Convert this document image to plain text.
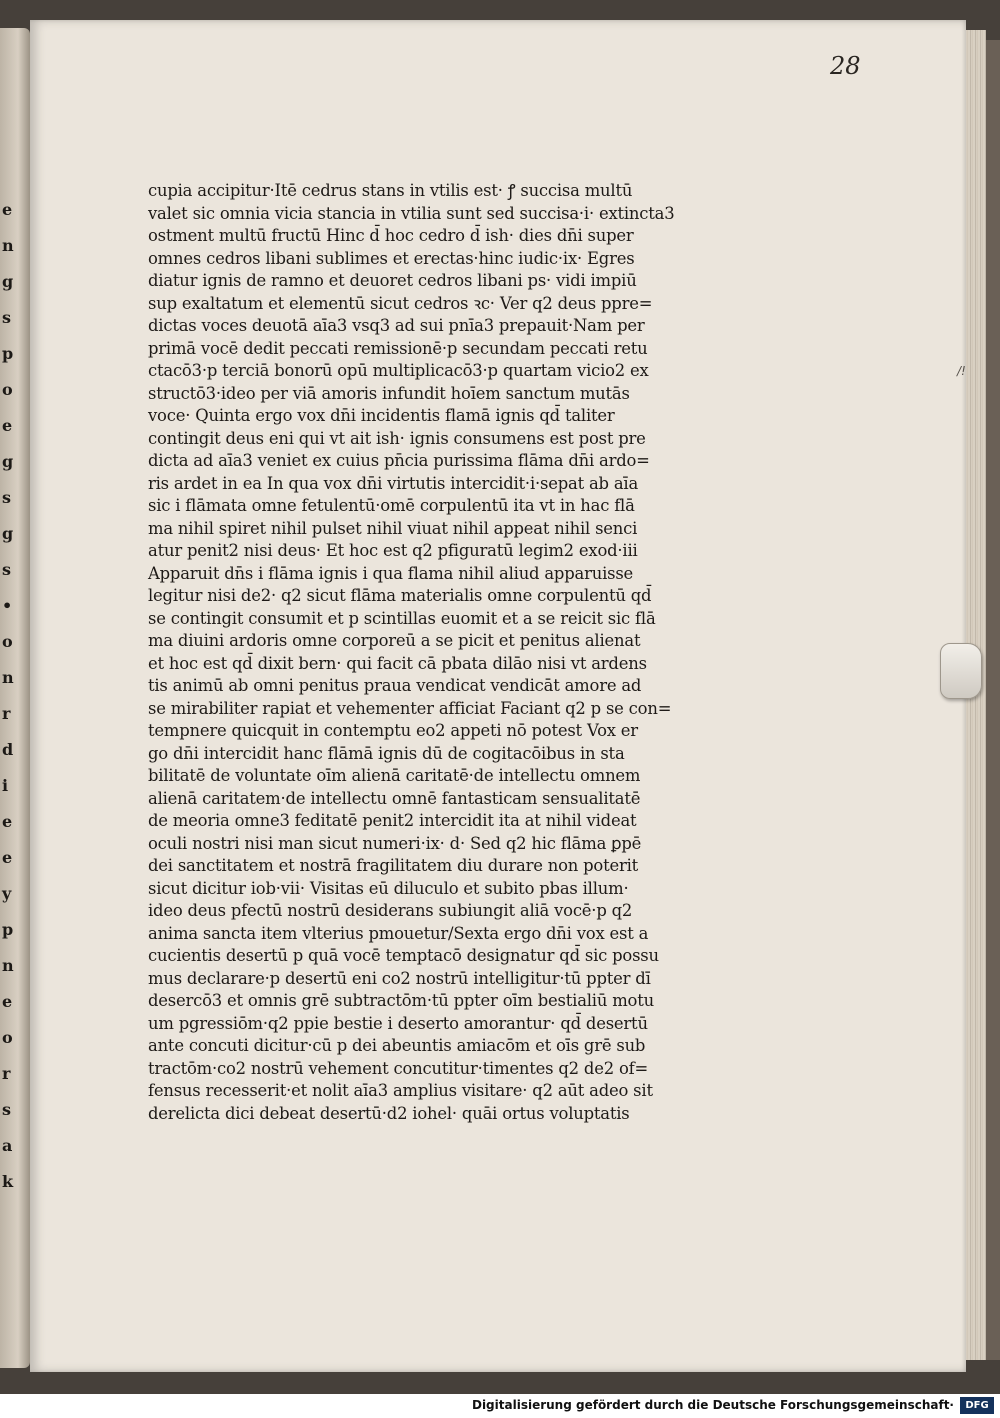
e
n
g
s
p
o
e
g
s
g
s
•
o
n
r
d
i
e
e
y
p
n
e
o
r
s
a
k
28
cupia accipitur·Itē cedrus stans in vtilis est· ꝭ succisa multū
valet sic omnia vicia stancia in vtilia sunt sed succisa·i· extincta3
ostment multū fructū Hinc d̄ hoc cedro d̄ ish· dies dn̄i super
omnes cedros libani sublimes et erectas·hinc iudic·ix· Egres
diatur ignis de ramno et deuoret cedros libani ps· vidi impiū
sup exaltatum et elementū sicut cedros ꝛc· Ver q2 deus ppre=
dictas voces deuotā aīa3 vsq3 ad sui pnīa3 prepauit·Nam per
primā vocē dedit peccati remissionē·p secundam peccati retu
ctacō3·p terciā bonorū opū multiplicacō3·p quartam vicio2 ex
structō3·ideo per viā amoris infundit hoīem sanctum mutās
voce· Quinta ergo vox dn̄i incidentis flamā ignis qd̄ taliter
contingit deus eni qui vt ait ish· ignis consumens est post pre
dicta ad aīa3 veniet ex cuius pn̄cia purissima flāma dn̄i ardo=
ris ardet in ea In qua vox dn̄i virtutis intercidit·i·sepat ab aīa
sic i flāmata omne fetulentū·omē corpulentū ita vt in hac flā
ma nihil spiret nihil pulset nihil viuat nihil appeat nihil senci
atur penit2 nisi deus· Et hoc est q2 pfiguratū legim2 exod·iii
Apparuit dn̄s i flāma ignis i qua flama nihil aliud apparuisse
legitur nisi de2· q2 sicut flāma materialis omne corpulentū qd̄
se contingit consumit et p scintillas euomit et a se reicit sic flā
ma diuini ardoris omne corporeū a se picit et penitus alienat
et hoc est qd̄ dixit bern· qui facit cā pbata dilāo nisi vt ardens
tis animū ab omni penitus praua vendicat vendicāt amore ad
se mirabiliter rapiat et vehementer afficiat Faciant q2 p se con=
tempnere quicquit in contemptu eo2 appeti nō potest Vox er
go dn̄i intercidit hanc flāmā ignis dū de cogitacōibus in sta
bilitatē de voluntate oīm alienā caritatē·de intellectu omnem
alienā caritatem·de intellectu omnē fantasticam sensualitatē
de meoria omne3 feditatē penit2 intercidit ita at nihil videat
oculi nostri nisi man sicut numeri·ix· d· Sed q2 hic flāma ꝑpē
dei sanctitatem et nostrā fragilitatem diu durare non poterit
sicut dicitur iob·vii· Visitas eū diluculo et subito pbas illum·
ideo deus pfectū nostrū desiderans subiungit aliā vocē·p q2
anima sancta item vlterius pmouetur/Sexta ergo dn̄i vox est a
cucientis desertū p quā vocē temptacō designatur qd̄ sic possu
mus declarare·p desertū eni co2 nostrū intelligitur·tū ppter dī
desercō3 et omnis grē subtractōm·tū ppter oīm bestialiū motu
um pgressiōm·q2 ppie bestie i deserto amorantur· qd̄ desertū
ante concuti dicitur·cū p dei abeuntis amiacōm et oīs grē sub
tractōm·co2 nostrū vehement concutitur·timentes q2 de2 of=
fensus recesserit·et nolit aīa3 amplius visitare· q2 aūt adeo sit
derelicta dici debeat desertū·d2 iohel· quāi ortus voluptatis
/!
Digitalisierung gefördert durch die Deutsche Forschungsgemeinschaft·	DFG
